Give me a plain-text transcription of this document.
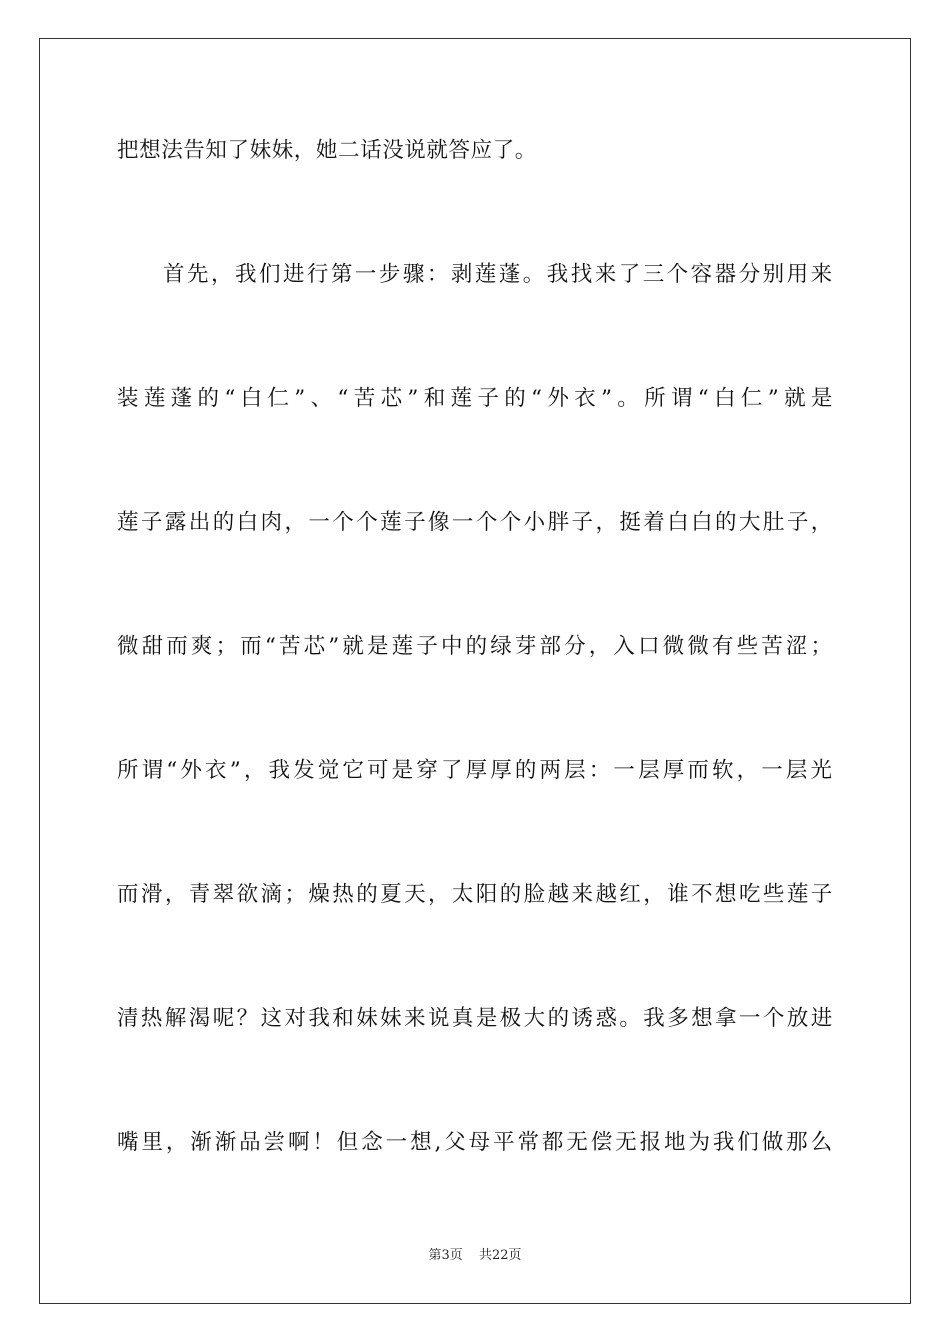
把想法告知了妹妹，她二话没说就答应了。
首 先 ， 我 们 进 行 第 一 步 骤 ： 剥 莲 蓬 。 我 找 来 了 三 个 容 器 分 别 用 来
装 莲 蓬 的 “ 白 仁 ” 、 “ 苦 芯 ” 和 莲 子 的 “ 外 衣 ” 。 所 谓 “ 白 仁 ” 就 是
莲 子 露 出 的 白 肉 ， 一 个 个 莲 子 像 一 个 个 小 胖 子 ， 挺 着 白 白 的 大 肚 子 ，
微 甜 而 爽 ； 而 “ 苦 芯 ” 就 是 莲 子 中 的 绿 芽 部 分 ， 入 口 微 微 有 些 苦 涩 ；
所 谓 “ 外 衣 ” ， 我 发 觉 它 可 是 穿 了 厚 厚 的 两 层 ： 一 层 厚 而 软 ， 一 层 光
而 滑 ， 青 翠 欲 滴 ； 燥 热 的 夏 天 ， 太 阳 的 脸 越 来 越 红 ， 谁 不 想 吃 些 莲 子
清 热 解 渴 呢 ？ 这 对 我 和 妹 妹 来 说 真 是 极 大 的 诱 惑 。 我 多 想 拿 一 个 放 进
嘴 里 ， 渐 渐 品 尝 啊 ！ 但 念 一 想 , 父 母 平 常 都 无 偿 无 报 地 为 我 们 做 那 么
第3页 共22页
